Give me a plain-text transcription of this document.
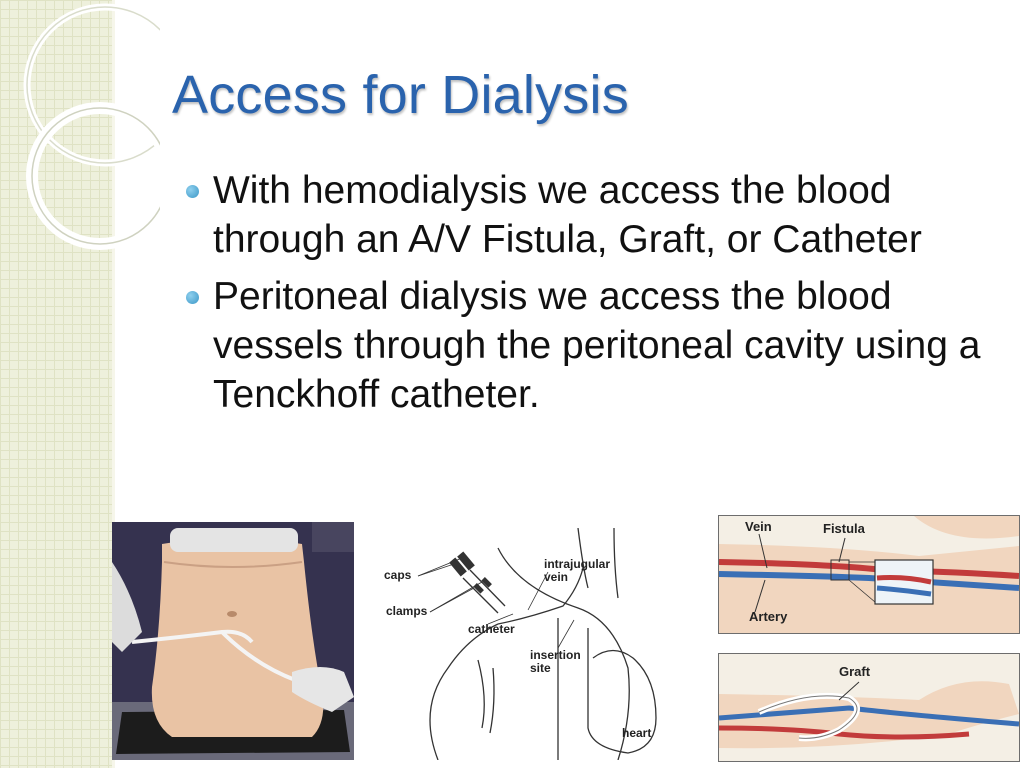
Access for Dialysis
With hemodialysis we access the blood through an A/V Fistula, Graft, or Catheter
Peritoneal dialysis we access the blood vessels through the peritoneal cavity using a Tenckhoff catheter.
caps
clamps
intrajugular vein
catheter
insertion site
heart
Vein	Fistula
Artery
Graft
